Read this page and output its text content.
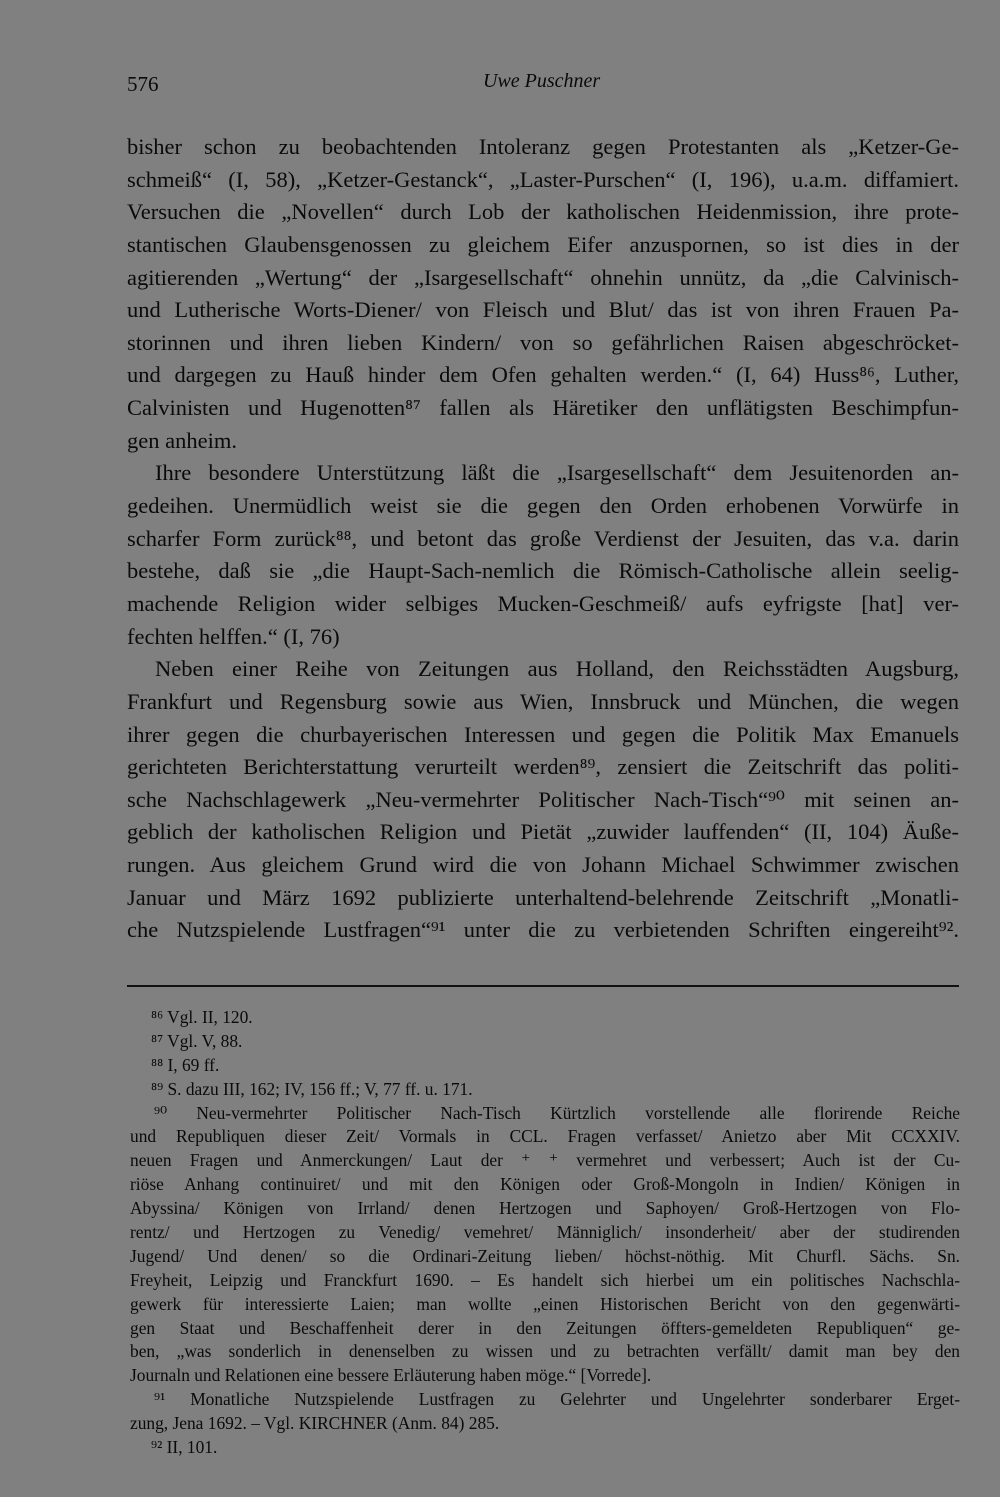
576	Uwe Puschner
bisher schon zu beobachtenden Intoleranz gegen Protestanten als „Ketzer-Ge-
schmeiß“ (I, 58), „Ketzer-Gestanck“, „Laster-Purschen“ (I, 196), u.a.m. diffamiert.
Versuchen die „Novellen“ durch Lob der katholischen Heidenmission, ihre prote-
stantischen Glaubensgenossen zu gleichem Eifer anzuspornen, so ist dies in der
agitierenden „Wertung“ der „Isargesellschaft“ ohnehin unnütz, da „die Calvinisch-
und Lutherische Worts-Diener/ von Fleisch und Blut/ das ist von ihren Frauen Pa-
storinnen und ihren lieben Kindern/ von so gefährlichen Raisen abgeschröcket-
und dargegen zu Hauß hinder dem Ofen gehalten werden.“ (I, 64) Huss⁸⁶, Luther,
Calvinisten und Hugenotten⁸⁷ fallen als Häretiker den unflätigsten Beschimpfun-
gen anheim.
Ihre besondere Unterstützung läßt die „Isargesellschaft“ dem Jesuitenorden an-
gedeihen. Unermüdlich weist sie die gegen den Orden erhobenen Vorwürfe in
scharfer Form zurück⁸⁸, und betont das große Verdienst der Jesuiten, das v.a. darin
bestehe, daß sie „die Haupt-Sach-nemlich die Römisch-Catholische allein seelig-
machende Religion wider selbiges Mucken-Geschmeiß/ aufs eyfrigste [hat] ver-
fechten helffen.“ (I, 76)
Neben einer Reihe von Zeitungen aus Holland, den Reichsstädten Augsburg,
Frankfurt und Regensburg sowie aus Wien, Innsbruck und München, die wegen
ihrer gegen die churbayerischen Interessen und gegen die Politik Max Emanuels
gerichteten Berichterstattung verurteilt werden⁸⁹, zensiert die Zeitschrift das politi-
sche Nachschlagewerk „Neu-vermehrter Politischer Nach-Tisch“⁹⁰ mit seinen an-
geblich der katholischen Religion und Pietät „zuwider lauffenden“ (II, 104) Äuße-
rungen. Aus gleichem Grund wird die von Johann Michael Schwimmer zwischen
Januar und März 1692 publizierte unterhaltend-belehrende Zeitschrift „Monatli-
che Nutzspielende Lustfragen“⁹¹ unter die zu verbietenden Schriften eingereiht⁹².
⁸⁶ Vgl. II, 120.
⁸⁷ Vgl. V, 88.
⁸⁸ I, 69 ff.
⁸⁹ S. dazu III, 162; IV, 156 ff.; V, 77 ff. u. 171.
⁹⁰ Neu-vermehrter Politischer Nach-Tisch Kürtzlich vorstellende alle florirende Reiche
und Republiquen dieser Zeit/ Vormals in CCL. Fragen verfasset/ Anietzo aber Mit CCXXIV.
neuen Fragen und Anmerckungen/ Laut der ⁺ ⁺ vermehret und verbessert; Auch ist der Cu-
riöse Anhang continuiret/ und mit den Königen oder Groß-Mongoln in Indien/ Königen in
Abyssina/ Königen von Irrland/ denen Hertzogen und Saphoyen/ Groß-Hertzogen von Flo-
rentz/ und Hertzogen zu Venedig/ vemehret/ Männiglich/ insonderheit/ aber der studirenden
Jugend/ Und denen/ so die Ordinari-Zeitung lieben/ höchst-nöthig. Mit Churfl. Sächs. Sn.
Freyheit, Leipzig und Franckfurt 1690. – Es handelt sich hierbei um ein politisches Nachschla-
gewerk für interessierte Laien; man wollte „einen Historischen Bericht von den gegenwärti-
gen Staat und Beschaffenheit derer in den Zeitungen öffters-gemeldeten Republiquen“ ge-
ben, „was sonderlich in denenselben zu wissen und zu betrachten verfällt/ damit man bey den
Journaln und Relationen eine bessere Erläuterung haben möge.“ [Vorrede].
⁹¹ Monatliche Nutzspielende Lustfragen zu Gelehrter und Ungelehrter sonderbarer Erget-
zung, Jena 1692. – Vgl. KIRCHNER (Anm. 84) 285.
⁹² II, 101.
